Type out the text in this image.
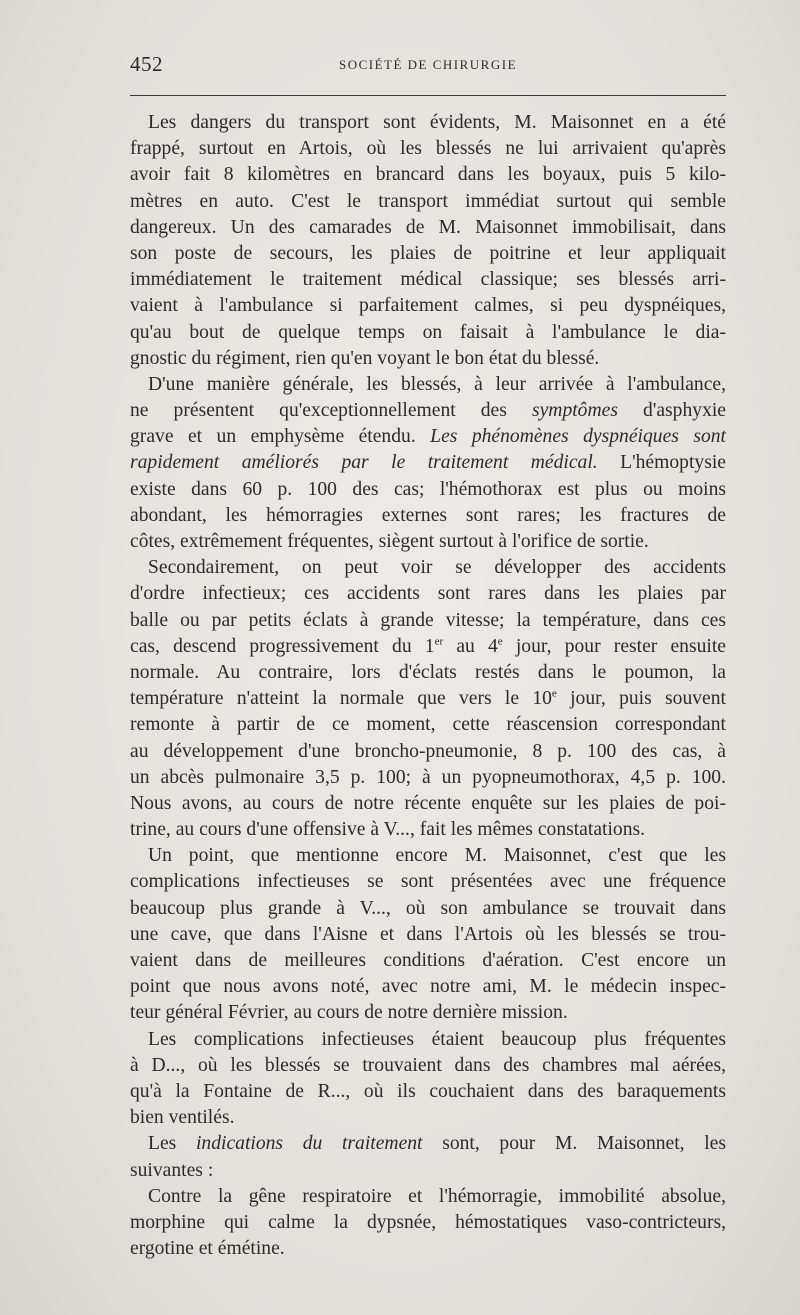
452	SOCIÉTÉ DE CHIRURGIE
Les dangers du transport sont évidents, M. Maisonnet en a été
frappé, surtout en Artois, où les blessés ne lui arrivaient qu'après
avoir fait 8 kilomètres en brancard dans les boyaux, puis 5 kilo-
mètres en auto. C'est le transport immédiat surtout qui semble
dangereux. Un des camarades de M. Maisonnet immobilisait, dans
son poste de secours, les plaies de poitrine et leur appliquait
immédiatement le traitement médical classique; ses blessés arri-
vaient à l'ambulance si parfaitement calmes, si peu dyspnéiques,
qu'au bout de quelque temps on faisait à l'ambulance le dia-
gnostic du régiment, rien qu'en voyant le bon état du blessé.
D'une manière générale, les blessés, à leur arrivée à l'ambulance,
ne présentent qu'exceptionnellement des symptômes d'asphyxie
grave et un emphysème étendu. Les phénomènes dyspnéiques sont
rapidement améliorés par le traitement médical. L'hémoptysie
existe dans 60 p. 100 des cas; l'hémothorax est plus ou moins
abondant, les hémorragies externes sont rares; les fractures de
côtes, extrêmement fréquentes, siègent surtout à l'orifice de sortie.
Secondairement, on peut voir se développer des accidents
d'ordre infectieux; ces accidents sont rares dans les plaies par
balle ou par petits éclats à grande vitesse; la température, dans ces
cas, descend progressivement du 1er au 4e jour, pour rester ensuite
normale. Au contraire, lors d'éclats restés dans le poumon, la
température n'atteint la normale que vers le 10e jour, puis souvent
remonte à partir de ce moment, cette réascension correspondant
au développement d'une broncho-pneumonie, 8 p. 100 des cas, à
un abcès pulmonaire 3,5 p. 100; à un pyopneumothorax, 4,5 p. 100.
Nous avons, au cours de notre récente enquête sur les plaies de poi-
trine, au cours d'une offensive à V..., fait les mêmes constatations.
Un point, que mentionne encore M. Maisonnet, c'est que les
complications infectieuses se sont présentées avec une fréquence
beaucoup plus grande à V..., où son ambulance se trouvait dans
une cave, que dans l'Aisne et dans l'Artois où les blessés se trou-
vaient dans de meilleures conditions d'aération. C'est encore un
point que nous avons noté, avec notre ami, M. le médecin inspec-
teur général Février, au cours de notre dernière mission.
Les complications infectieuses étaient beaucoup plus fréquentes
à D..., où les blessés se trouvaient dans des chambres mal aérées,
qu'à la Fontaine de R..., où ils couchaient dans des baraquements
bien ventilés.
Les indications du traitement sont, pour M. Maisonnet, les
suivantes :
Contre la gêne respiratoire et l'hémorragie, immobilité absolue,
morphine qui calme la dypsnée, hémostatiques vaso-contricteurs,
ergotine et émétine.
